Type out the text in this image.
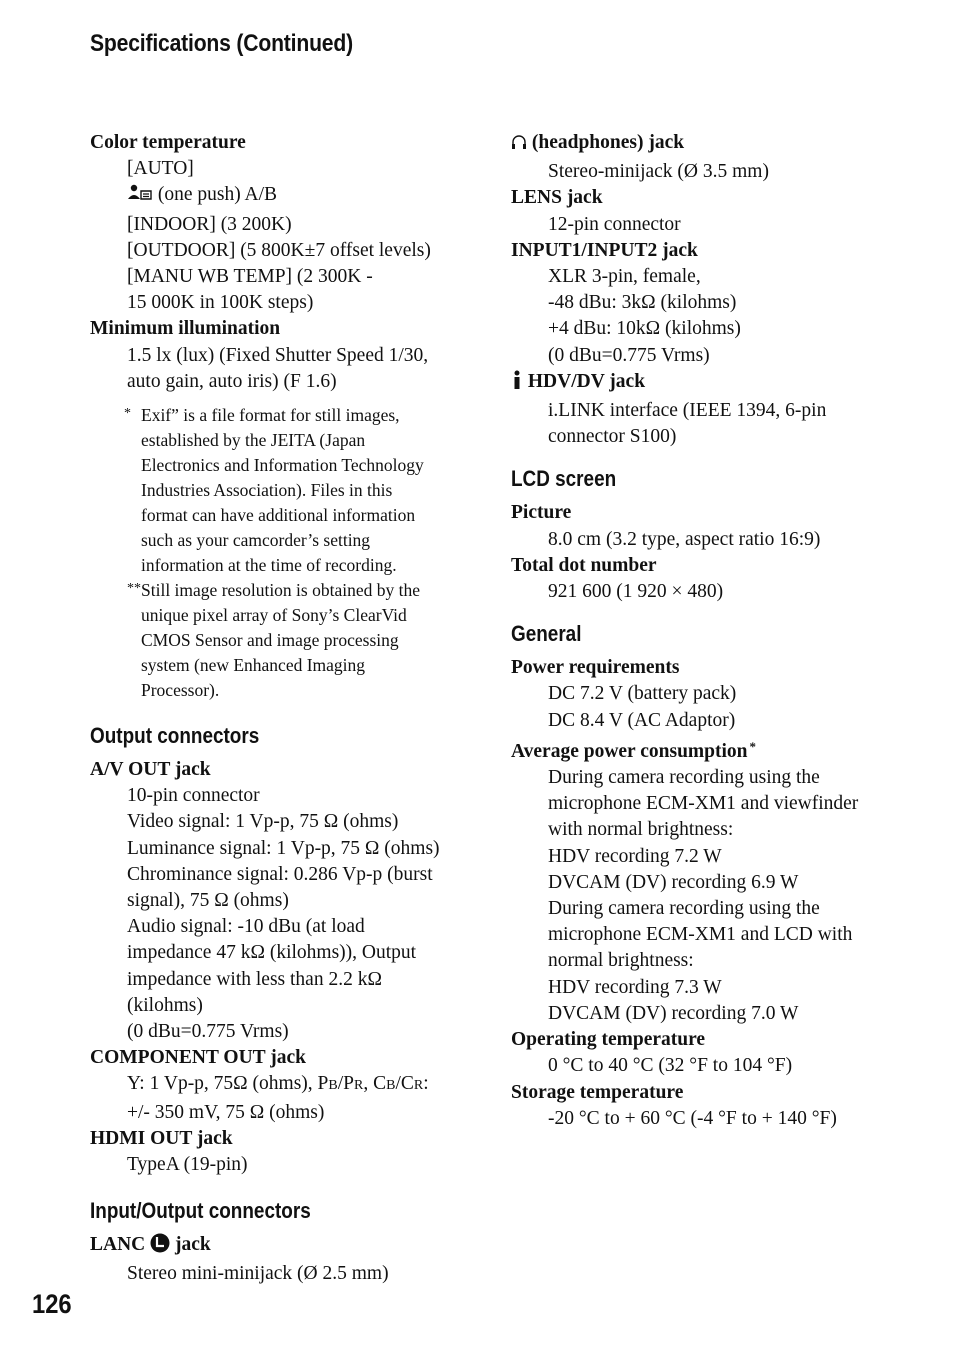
Specifications (Continued)
Color temperature
[AUTO]
(one push) A/B
[INDOOR] (3 200K)
[OUTDOOR] (5 800K±7 offset levels)
[MANU WB TEMP] (2 300K -
15 000K in 100K steps)
Minimum illumination
1.5 lx (lux) (Fixed Shutter Speed 1/30,
auto gain, auto iris) (F 1.6)
* Exif” is a file format for still images,
established by the JEITA (Japan
Electronics and Information Technology
Industries Association). Files in this
format can have additional information
such as your camcorder’s setting
information at the time of recording.
** Still image resolution is obtained by the
unique pixel array of Sony’s ClearVid
CMOS Sensor and image processing
system (new Enhanced Imaging
Processor).
Output connectors
A/V OUT jack
10-pin connector
Video signal: 1 Vp-p, 75 Ω (ohms)
Luminance signal: 1 Vp-p, 75 Ω (ohms)
Chrominance signal: 0.286 Vp-p (burst
signal), 75 Ω (ohms)
Audio signal: -10 dBu (at load
impedance 47 kΩ (kilohms)), Output
impedance with less than 2.2 kΩ
(kilohms)
(0 dBu=0.775 Vrms)
COMPONENT OUT jack
Y: 1 Vp-p, 75Ω (ohms), PB/PR, CB/CR:
+/- 350 mV, 75 Ω (ohms)
HDMI OUT jack
TypeA (19-pin)
Input/Output connectors
LANC  jack
Stereo mini-minijack (Ø 2.5 mm)
(headphones) jack
Stereo-minijack (Ø 3.5 mm)
LENS jack
12-pin connector
INPUT1/INPUT2 jack
XLR 3-pin, female,
-48 dBu: 3kΩ (kilohms)
+4 dBu: 10kΩ (kilohms)
(0 dBu=0.775 Vrms)
HDV/DV jack
i.LINK interface (IEEE 1394, 6-pin
connector S100)
LCD screen
Picture
8.0 cm (3.2 type, aspect ratio 16:9)
Total dot number
921 600 (1 920 × 480)
General
Power requirements
DC 7.2 V (battery pack)
DC 8.4 V (AC Adaptor)
Average power consumption *
During camera recording using the
microphone ECM-XM1 and viewfinder
with normal brightness:
HDV recording 7.2 W
DVCAM (DV) recording 6.9 W
During camera recording using the
microphone ECM-XM1 and LCD with
normal brightness:
HDV recording 7.3 W
DVCAM (DV) recording 7.0 W
Operating temperature
0 °C to 40 °C (32 °F to 104 °F)
Storage temperature
-20 °C to + 60 °C (-4 °F to + 140 °F)
126
